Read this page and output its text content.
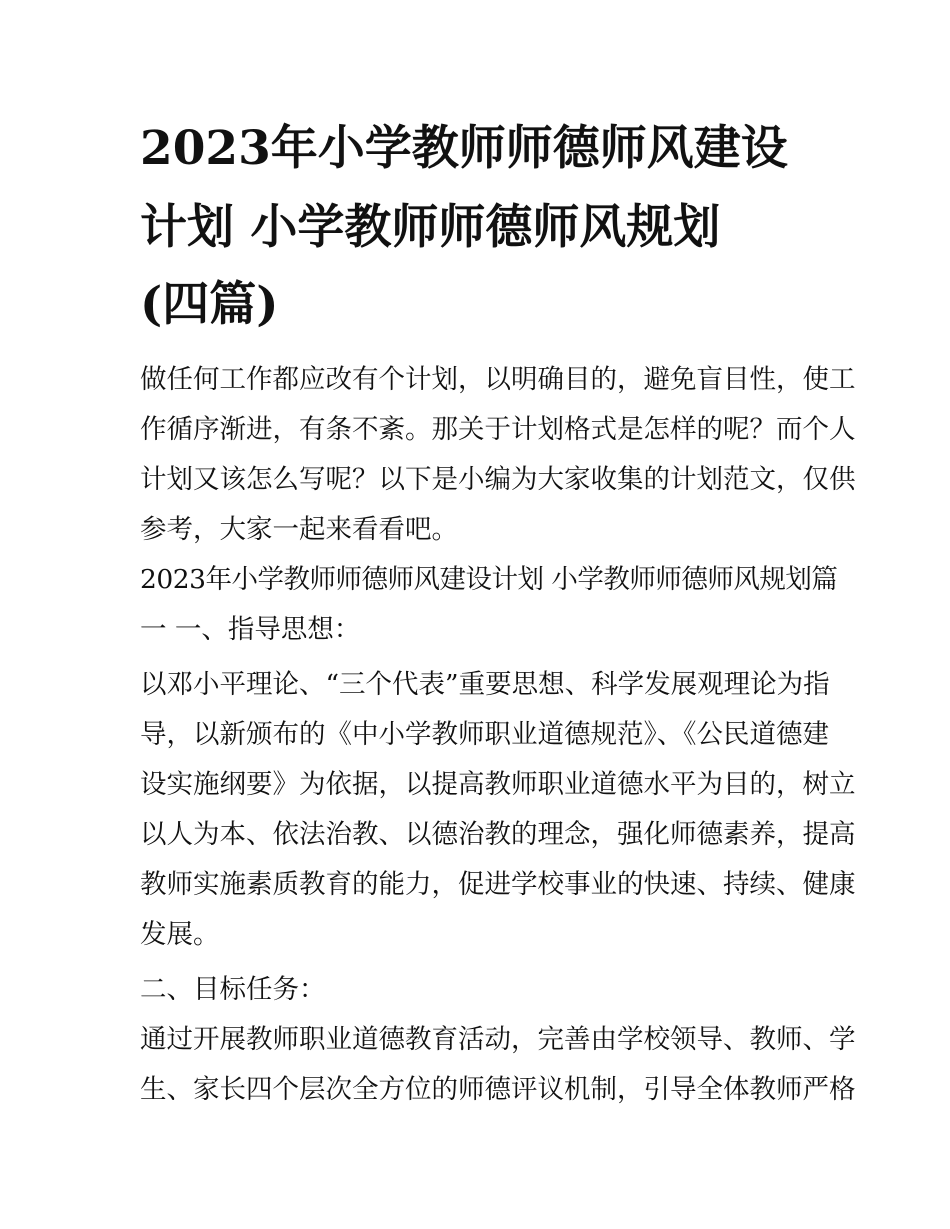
2023年小学教师师德师风建设
计划 小学教师师德师风规划
(四篇)
做任何工作都应改有个计划，以明确目的，避免盲目性，使工
作循序渐进，有条不紊。那关于计划格式是怎样的呢？而个人
计划又该怎么写呢？以下是小编为大家收集的计划范文，仅供
参考，大家一起来看看吧。
2023年小学教师师德师风建设计划 小学教师师德师风规划篇
一 一、指导思想：
以邓小平理论、“三个代表”重要思想、科学发展观理论为指
导，以新颁布的《中小学教师职业道德规范》、《公民道德建
设实施纲要》为依据，以提高教师职业道德水平为目的，树立
以人为本、依法治教、以德治教的理念，强化师德素养，提高
教师实施素质教育的能力，促进学校事业的快速、持续、健康
发展。
二、目标任务：
通过开展教师职业道德教育活动，完善由学校领导、教师、学
生、家长四个层次全方位的师德评议机制，引导全体教师严格
